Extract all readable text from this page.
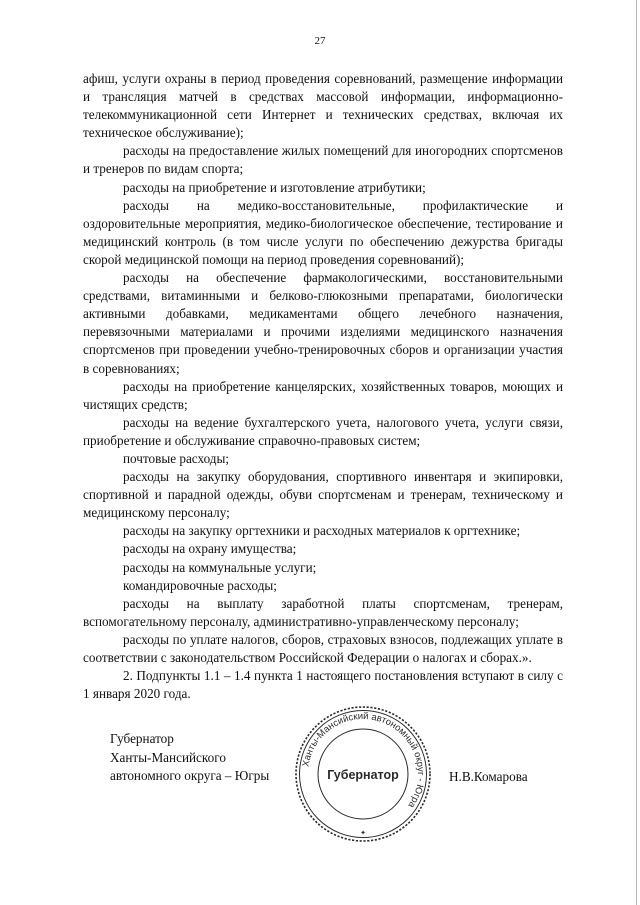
27

афиш, услуги охраны в период проведения соревнований, размещение информации и трансляция матчей в средствах массовой информации, информационно-телекоммуникационной сети Интернет и технических средствах, включая их техническое обслуживание);

расходы на предоставление жилых помещений для иногородних спортсменов и тренеров по видам спорта;

расходы на приобретение и изготовление атрибутики;

расходы на медико-восстановительные, профилактические и оздоровительные мероприятия, медико-биологическое обеспечение, тестирование и медицинский контроль (в том числе услуги по обеспечению дежурства бригады скорой медицинской помощи на период проведения соревнований);

расходы на обеспечение фармакологическими, восстановительными средствами, витаминными и белково-глюкозными препаратами, биологически активными добавками, медикаментами общего лечебного назначения, перевязочными материалами и прочими изделиями медицинского назначения спортсменов при проведении учебно-тренировочных сборов и организации участия в соревнованиях;

расходы на приобретение канцелярских, хозяйственных товаров, моющих и чистящих средств;

расходы на ведение бухгалтерского учета, налогового учета, услуги связи, приобретение и обслуживание справочно-правовых систем;

почтовые расходы;

расходы на закупку оборудования, спортивного инвентаря и экипировки, спортивной и парадной одежды, обуви спортсменам и тренерам, техническому и медицинскому персоналу;

расходы на закупку оргтехники и расходных материалов к оргтехнике;

расходы на охрану имущества;

расходы на коммунальные услуги;

командировочные расходы;

расходы на выплату заработной платы спортсменам, тренерам, вспомогательному персоналу, административно-управленческому персоналу;

расходы по уплате налогов, сборов, страховых взносов, подлежащих уплате в соответствии с законодательством Российской Федерации о налогах и сборах.».

2. Подпункты 1.1 – 1.4 пункта 1 настоящего постановления вступают в силу с 1 января 2020 года.

Губернатор
Ханты-Мансийского
автономного округа – Югры
Ханты-Мансийский автономный округ - Югра
Губернатор
✦
Н.В.Комарова
